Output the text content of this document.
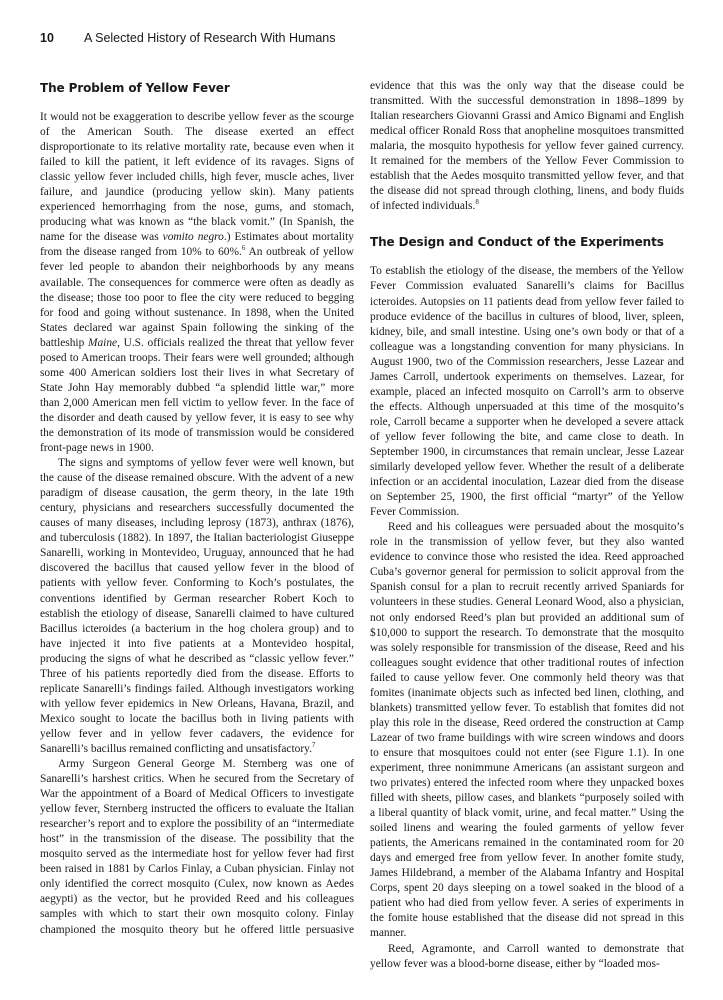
10 A Selected History of Research With Humans
The Problem of Yellow Fever

It would not be exaggeration to describe yellow fever as the scourge of the American South. The disease exerted an effect disproportionate to its relative mortality rate, because even when it failed to kill the patient, it left evidence of its ravages. Signs of classic yellow fever included chills, high fever, muscle aches, liver failure, and jaundice (producing yellow skin). Many patients experienced hemorrhaging from the nose, gums, and stomach, producing what was known as “the black vomit.” (In Spanish, the name for the disease was vomito negro.) Estimates about mortality from the disease ranged from 10% to 60%.$^6$ An outbreak of yellow fever led people to abandon their neighborhoods by any means available. The consequences for commerce were often as deadly as the disease; those too poor to flee the city were reduced to begging for food and going without sustenance. In 1898, when the United States declared war against Spain following the sinking of the battleship Maine, U.S. officials realized the threat that yellow fever posed to American troops. Their fears were well grounded; although some 400 American soldiers lost their lives in what Secretary of State John Hay memorably dubbed “a splendid little war,” more than 2,000 American men fell victim to yellow fever. In the face of the disorder and death caused by yellow fever, it is easy to see why the demonstration of its mode of transmission would be considered front-page news in 1900.

The signs and symptoms of yellow fever were well known, but the cause of the disease remained obscure. With the advent of a new paradigm of disease causation, the germ theory, in the late 19th century, physicians and researchers successfully documented the causes of many diseases, including leprosy (1873), anthrax (1876), and tuberculosis (1882). In 1897, the Italian bacteriologist Giuseppe Sanarelli, working in Montevideo, Uruguay, announced that he had discovered the bacillus that caused yellow fever in the blood of patients with yellow fever. Conforming to Koch’s postulates, the conventions identified by German researcher Robert Koch to establish the etiology of disease, Sanarelli claimed to have cultured Bacillus icteroides (a bacterium in the hog cholera group) and to have injected it into five patients at a Montevideo hospital, producing the signs of what he described as “classic yellow fever.” Three of his patients reportedly died from the disease. Efforts to replicate Sanarelli’s findings failed. Although investigators working with yellow fever epidemics in New Orleans, Havana, Brazil, and Mexico sought to locate the bacillus both in living patients with yellow fever and in yellow fever cadavers, the evidence for Sanarelli’s bacillus remained conflicting and unsatisfactory.$^7$

Army Surgeon General George M. Sternberg was one of Sanarelli’s harshest critics. When he secured from the Secretary of War the appointment of a Board of Medical Officers to investigate yellow fever, Sternberg instructed the officers to evaluate the Italian researcher’s report and to explore the possibility of an “intermediate host” in the transmission of the disease. The possibility that the mosquito served as the intermediate host for yellow fever had first been raised in 1881 by Carlos Finlay, a Cuban physician. Finlay not only identified the correct mosquito (Culex, now known as Aedes aegypti) as the vector, but he provided Reed and his colleagues samples with which to start their own mosquito colony. Finlay championed the mosquito theory but he offered little persuasive

evidence that this was the only way that the disease could be transmitted. With the successful demonstration in 1898–1899 by Italian researchers Giovanni Grassi and Amico Bignami and English medical officer Ronald Ross that anopheline mosquitoes transmitted malaria, the mosquito hypothesis for yellow fever gained currency. It remained for the members of the Yellow Fever Commission to establish that the Aedes mosquito transmitted yellow fever, and that the disease did not spread through clothing, linens, and body fluids of infected individuals.$^8$
The Design and Conduct of the Experiments

To establish the etiology of the disease, the members of the Yellow Fever Commission evaluated Sanarelli’s claims for Bacillus icteroides. Autopsies on 11 patients dead from yellow fever failed to produce evidence of the bacillus in cultures of blood, liver, spleen, kidney, bile, and small intestine. Using one’s own body or that of a colleague was a longstanding convention for many physicians. In August 1900, two of the Commission researchers, Jesse Lazear and James Carroll, undertook experiments on themselves. Lazear, for example, placed an infected mosquito on Carroll’s arm to observe the effects. Although unpersuaded at this time of the mosquito’s role, Carroll became a supporter when he developed a severe attack of yellow fever following the bite, and came close to death. In September 1900, in circumstances that remain unclear, Jesse Lazear similarly developed yellow fever. Whether the result of a deliberate infection or an accidental inoculation, Lazear died from the disease on September 25, 1900, the first official “martyr” of the Yellow Fever Commission.

Reed and his colleagues were persuaded about the mosquito’s role in the transmission of yellow fever, but they also wanted evidence to convince those who resisted the idea. Reed approached Cuba’s governor general for permission to solicit approval from the Spanish consul for a plan to recruit recently arrived Spaniards for volunteers in these studies. General Leonard Wood, also a physician, not only endorsed Reed’s plan but provided an additional sum of $10,000 to support the research. To demonstrate that the mosquito was solely responsible for transmission of the disease, Reed and his colleagues sought evidence that other traditional routes of infection failed to cause yellow fever. One commonly held theory was that fomites (inanimate objects such as infected bed linen, clothing, and blankets) transmitted yellow fever. To establish that fomites did not play this role in the disease, Reed ordered the construction at Camp Lazear of two frame buildings with wire screen windows and doors to ensure that mosquitoes could not enter (see Figure 1.1). In one experiment, three nonimmune Americans (an assistant surgeon and two privates) entered the infected room where they unpacked boxes filled with sheets, pillow cases, and blankets “purposely soiled with a liberal quantity of black vomit, urine, and fecal matter.” Using the soiled linens and wearing the fouled garments of yellow fever patients, the Americans remained in the contaminated room for 20 days and emerged free from yellow fever. In another fomite study, James Hildebrand, a member of the Alabama Infantry and Hospital Corps, spent 20 days sleeping on a towel soaked in the blood of a patient who had died from yellow fever. A series of experiments in the fomite house established that the disease did not spread in this manner.

Reed, Agramonte, and Carroll wanted to demonstrate that yellow fever was a blood-borne disease, either by “loaded mos-
